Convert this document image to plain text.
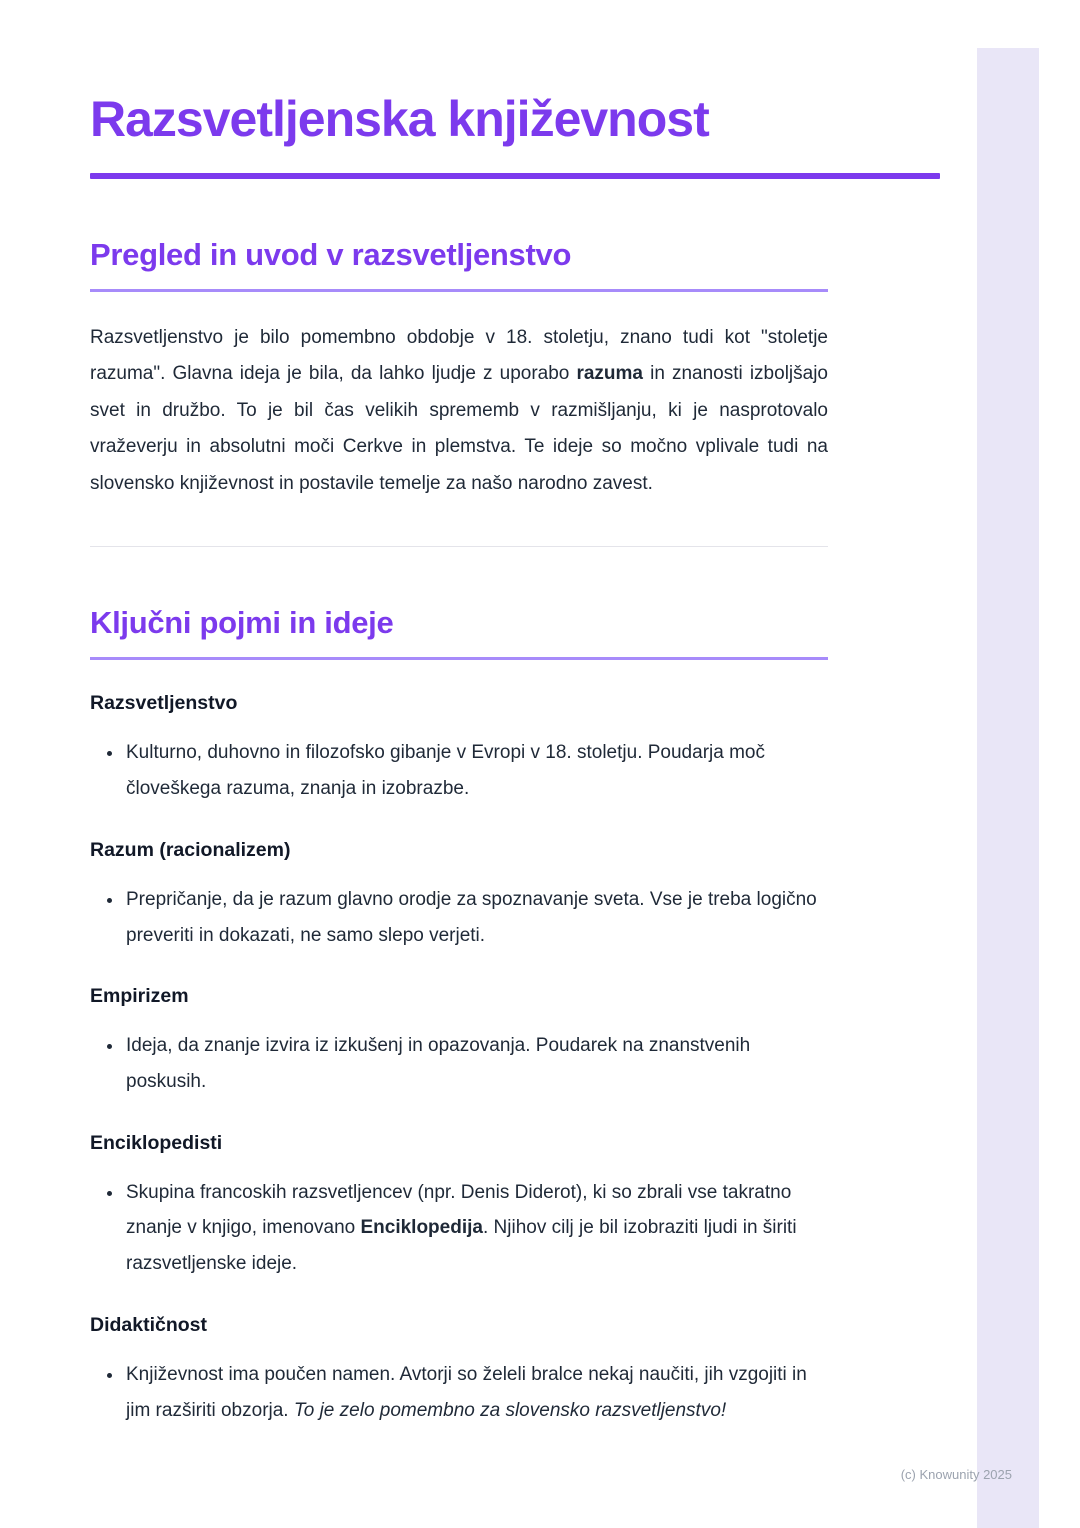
Razsvetljenska književnost
Pregled in uvod v razsvetljenstvo

Razsvetljenstvo je bilo pomembno obdobje v 18. stoletju, znano tudi kot "stoletje razuma". Glavna ideja je bila, da lahko ljudje z uporabo razuma in znanosti izboljšajo svet in družbo. To je bil čas velikih sprememb v razmišljanju, ki je nasprotovalo vraževerju in absolutni moči Cerkve in plemstva. Te ideje so močno vplivale tudi na slovensko književnost in postavile temelje za našo narodno zavest.

Ključni pojmi in ideje
Razsvetljenstvo
• Kulturno, duhovno in filozofsko gibanje v Evropi v 18. stoletju. Poudarja moč človeškega razuma, znanja in izobrazbe.
Razum (racionalizem)
• Prepričanje, da je razum glavno orodje za spoznavanje sveta. Vse je treba logično preveriti in dokazati, ne samo slepo verjeti.
Empirizem
• Ideja, da znanje izvira iz izkušenj in opazovanja. Poudarek na znanstvenih poskusih.
Enciklopedisti
• Skupina francoskih razsvetljencev (npr. Denis Diderot), ki so zbrali vse takratno znanje v knjigo, imenovano Enciklopedija. Njihov cilj je bil izobraziti ljudi in širiti razsvetljenske ideje.
Didaktičnost
• Književnost ima poučen namen. Avtorji so želeli bralce nekaj naučiti, jih vzgojiti in jim razširiti obzorja. To je zelo pomembno za slovensko razsvetljenstvo!
(c) Knowunity 2025
